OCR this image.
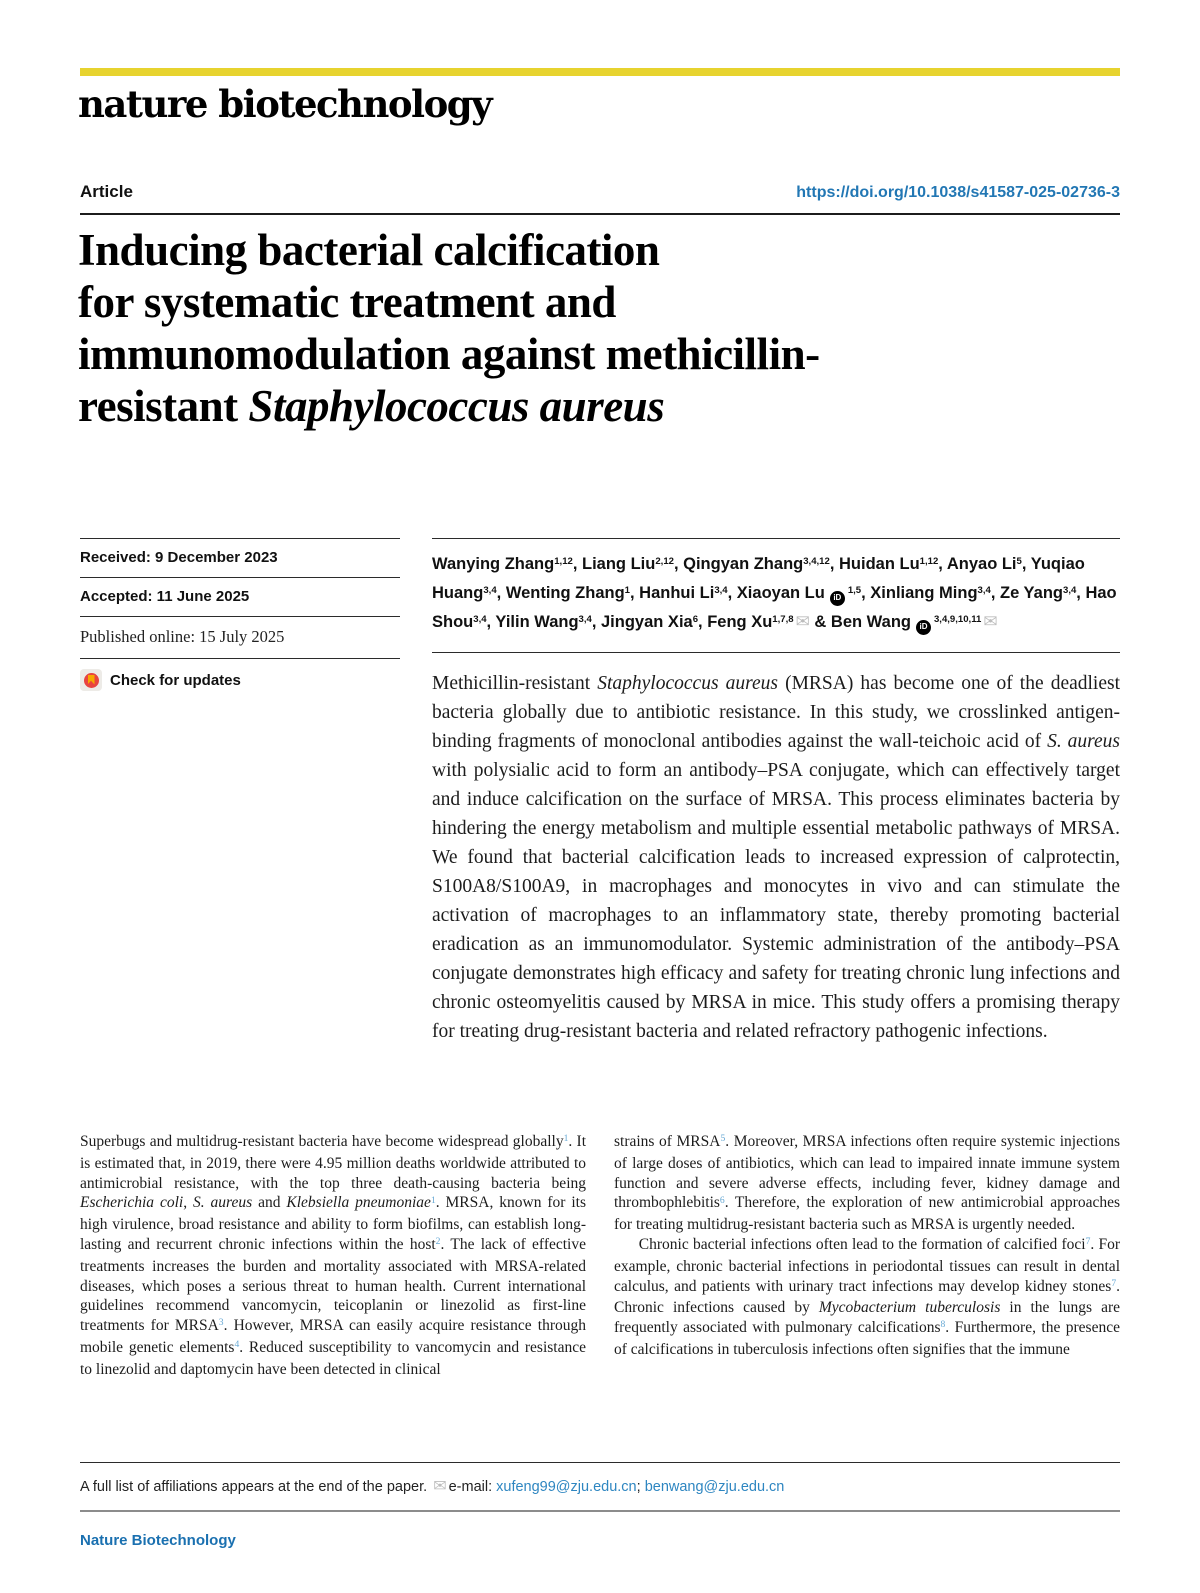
nature biotechnology
Article	https://doi.org/10.1038/s41587-025-02736-3
Inducing bacterial calcification
for systematic treatment and
immunomodulation against methicillin-
resistant Staphylococcus aureus
Received: 9 December 2023
Accepted: 11 June 2025
Published online: 15 July 2025
Check for updates
Wanying Zhang$^{1,12}$, Liang Liu$^{2,12}$, Qingyan Zhang$^{3,4,12}$, Huidan Lu$^{1,12}$, Anyao Li$^5$, Yuqiao Huang$^{3,4}$, Wenting Zhang$^1$, Hanhui Li$^{3,4}$, Xiaoyan Lu iD$^{1,5}$, Xinliang Ming$^{3,4}$, Ze Yang$^{3,4}$, Hao Shou$^{3,4}$, Yilin Wang$^{3,4}$, Jingyan Xia$^6$, Feng Xu$^{1,7,8}$ ✉ & Ben Wang iD$^{3,4,9,10,11}$ ✉
Methicillin-resistant Staphylococcus aureus (MRSA) has become one of the deadliest bacteria globally due to antibiotic resistance. In this study, we crosslinked antigen-binding fragments of monoclonal antibodies against the wall-teichoic acid of S. aureus with polysialic acid to form an antibody–PSA conjugate, which can effectively target and induce calcification on the surface of MRSA. This process eliminates bacteria by hindering the energy metabolism and multiple essential metabolic pathways of MRSA. We found that bacterial calcification leads to increased expression of calprotectin, S100A8/S100A9, in macrophages and monocytes in vivo and can stimulate the activation of macrophages to an inflammatory state, thereby promoting bacterial eradication as an immunomodulator. Systemic administration of the antibody–PSA conjugate demonstrates high efficacy and safety for treating chronic lung infections and chronic osteomyelitis caused by MRSA in mice. This study offers a promising therapy for treating drug-resistant bacteria and related refractory pathogenic infections.

Superbugs and multidrug-resistant bacteria have become widespread globally$^1$. It is estimated that, in 2019, there were 4.95 million deaths worldwide attributed to antimicrobial resistance, with the top three death-causing bacteria being Escherichia coli, S. aureus and Klebsiella pneumoniae$^1$. MRSA, known for its high virulence, broad resistance and ability to form biofilms, can establish long-lasting and recurrent chronic infections within the host$^2$. The lack of effective treatments increases the burden and mortality associated with MRSA-related diseases, which poses a serious threat to human health. Current international guidelines recommend vancomycin, teicoplanin or linezolid as first-line treatments for MRSA$^3$. However, MRSA can easily acquire resistance through mobile genetic elements$^4$. Reduced susceptibility to vancomycin and resistance to linezolid and daptomycin have been detected in clinical

strains of MRSA$^5$. Moreover, MRSA infections often require systemic injections of large doses of antibiotics, which can lead to impaired innate immune system function and severe adverse effects, including fever, kidney damage and thrombophlebitis$^6$. Therefore, the exploration of new antimicrobial approaches for treating multidrug-resistant bacteria such as MRSA is urgently needed.

Chronic bacterial infections often lead to the formation of calcified foci$^7$. For example, chronic bacterial infections in periodontal tissues can result in dental calculus, and patients with urinary tract infections may develop kidney stones$^7$. Chronic infections caused by Mycobacterium tuberculosis in the lungs are frequently associated with pulmonary calcifications$^8$. Furthermore, the presence of calcifications in tuberculosis infections often signifies that the immune

A full list of affiliations appears at the end of the paper. ✉ e-mail: xufeng99@zju.edu.cn; benwang@zju.edu.cn
Nature Biotechnology
